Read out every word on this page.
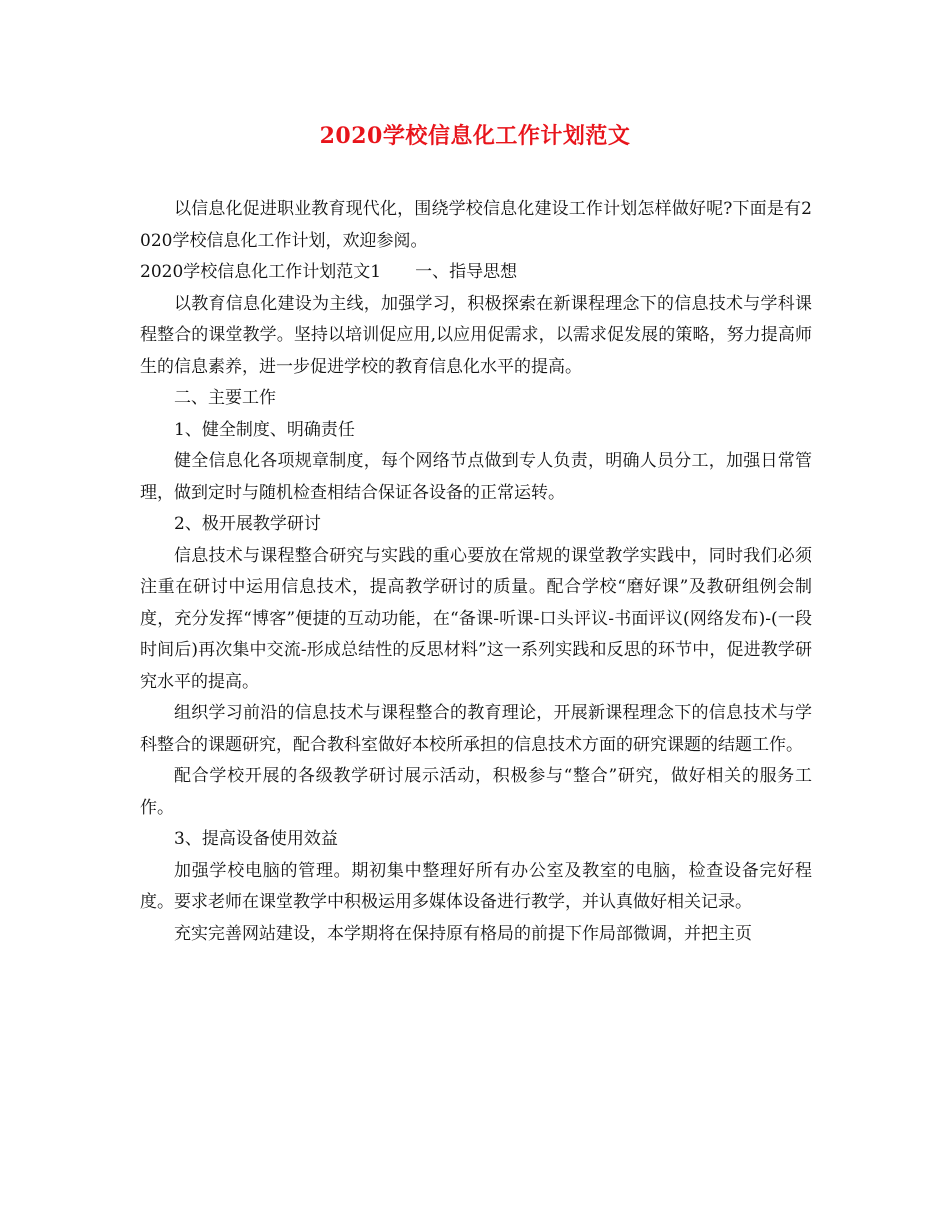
2020学校信息化工作计划范文

以信息化促进职业教育现代化，围绕学校信息化建设工作计划怎样做好呢?下面是有2020学校信息化工作计划，欢迎参阅。

2020学校信息化工作计划范文1　　一、指导思想

以教育信息化建设为主线，加强学习，积极探索在新课程理念下的信息技术与学科课程整合的课堂教学。坚持以培训促应用,以应用促需求，以需求促发展的策略，努力提高师生的信息素养，进一步促进学校的教育信息化水平的提高。

二、主要工作

1、健全制度、明确责任

健全信息化各项规章制度，每个网络节点做到专人负责，明确人员分工，加强日常管理，做到定时与随机检查相结合保证各设备的正常运转。

2、极开展教学研讨

信息技术与课程整合研究与实践的重心要放在常规的课堂教学实践中，同时我们必须注重在研讨中运用信息技术，提高教学研讨的质量。配合学校“磨好课”及教研组例会制度，充分发挥“博客”便捷的互动功能，在“备课-听课-口头评议-书面评议(网络发布)-(一段时间后)再次集中交流-形成总结性的反思材料”这一系列实践和反思的环节中，促进教学研究水平的提高。

组织学习前沿的信息技术与课程整合的教育理论，开展新课程理念下的信息技术与学科整合的课题研究，配合教科室做好本校所承担的信息技术方面的研究课题的结题工作。

配合学校开展的各级教学研讨展示活动，积极参与“整合”研究，做好相关的服务工作。

3、提高设备使用效益

加强学校电脑的管理。期初集中整理好所有办公室及教室的电脑，检查设备完好程度。要求老师在课堂教学中积极运用多媒体设备进行教学，并认真做好相关记录。

充实完善网站建设，本学期将在保持原有格局的前提下作局部微调，并把主页
